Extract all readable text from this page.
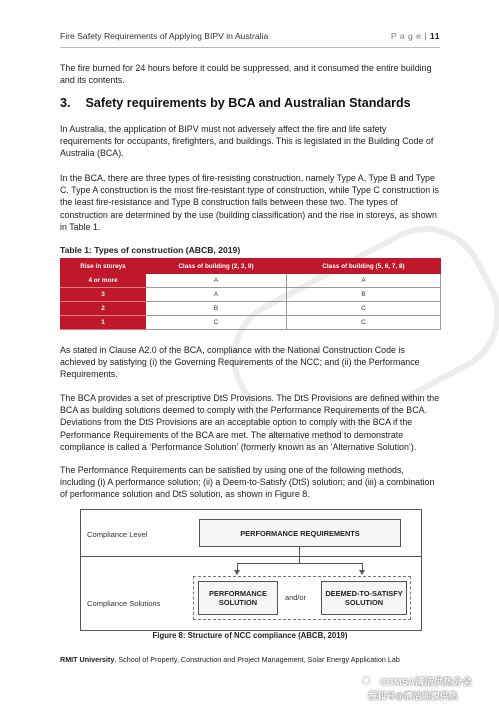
Fire Safety Requirements of Applying BIPV in Australia	P a g e | 11
The fire burned for 24 hours before it could be suppressed, and it consumed the entire building and its contents.
3. Safety requirements by BCA and Australian Standards
In Australia, the application of BIPV must not adversely affect the fire and life safety requirements for occupants, firefighters, and buildings. This is legislated in the Building Code of Australia (BCA).
In the BCA, there are three types of fire-resisting construction, namely Type A, Type B and Type C. Type A construction is the most fire-resistant type of construction, while Type C construction is the least fire-resistance and Type B construction falls between these two. The types of construction are determined by the use (building classification) and the rise in storeys, as shown in Table 1.
Table 1: Types of construction (ABCB, 2019)
Rise in storeys	Class of building (2, 3, 9)	Class of building (5, 6, 7, 8)
4 or more	A	A
3	A	B
2	B	C
1	C	C
As stated in Clause A2.0 of the BCA, compliance with the National Construction Code is achieved by satisfying (i) the Governing Requirements of the NCC; and (ii) the Performance Requirements.
The BCA provides a set of prescriptive DtS Provisions. The DtS Provisions are defined within the BCA as building solutions deemed to comply with the Performance Requirements of the BCA. Deviations from the DtS Provisions are an acceptable option to comply with the BCA if the Performance Requirements of the BCA are met. The alternative method to demonstrate compliance is called a ‘Performance Solution’ (formerly known as an ‘Alternative Solution’).
The Performance Requirements can be satisfied by using one of the following methods, including (i) A performance solution; (ii) a Deem-to-Satisfy (DtS) solution; and (iii) a combination of performance solution and DtS solution, as shown in Figure 8.
Compliance Level
Compliance Solutions
PERFORMANCE REQUIREMENTS
PERFORMANCE SOLUTION
and/or	DEEMED-TO-SATISFY SOLUTION
Figure 8: Structure of NCC compliance (ABCB, 2019)
RMIT University, School of Property, Construction and Project Management, Solar Energy Application Lab
◉ CCMSA清洁供热分会
搜狐号@清洁能源供热
